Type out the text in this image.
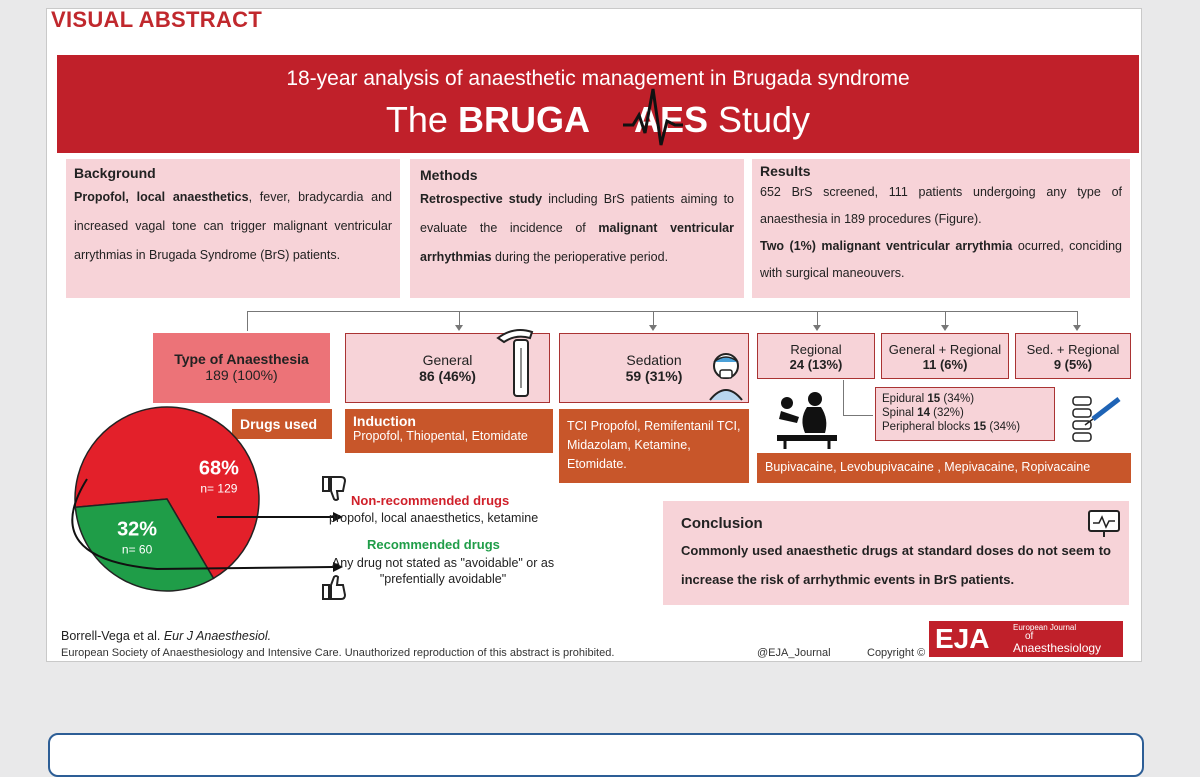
VISUAL ABSTRACT
18-year analysis of anaesthetic management in Brugada syndrome
The BRUGA AES Study
Background
Propofol, local anaesthetics, fever, bradycardia and increased vagal tone can trigger malignant ventricular arrythmias in Brugada Syndrome (BrS) patients.
Methods
Retrospective study including BrS patients aiming to evaluate the incidence of malignant ventricular arrhythmias during the perioperative period.
Results
652 BrS screened, 111 patients undergoing any type of anaesthesia in 189 procedures (Figure).
Two (1%) malignant ventricular arrythmia ocurred, conciding with surgical maneouvers.
Type of Anaesthesia
189 (100%)
General
86 (46%)
Sedation
59 (31%)
Regional
24 (13%)
General + Regional
11 (6%)
Sed. + Regional
9 (5%)
Epidural 15 (34%)
Spinal 14 (32%)
Peripheral blocks 15 (34%)
Drugs used	Induction
Propofol, Thiopental, Etomidate
TCI Propofol, Remifentanil TCI, Midazolam, Ketamine, Etomidate.	Bupivacaine, Levobupivacaine , Mepivacaine, Ropivacaine
68%
n= 129
32%
n= 60
Non-recommended drugs
propofol, local anaesthetics, ketamine
Recommended drugs
Any drug not stated as "avoidable" or as "prefentially avoidable"
Conclusion
Commonly used anaesthetic drugs at standard doses do not seem to increase the risk of arrhythmic events in BrS patients.
Borrell-Vega et al. Eur J Anaesthesiol.
European Society of Anaesthesiology and Intensive Care. Unauthorized reproduction of this abstract is prohibited.	@EJA_Journal	Copyright © EJA	European Journal
of
Anaesthesiology
